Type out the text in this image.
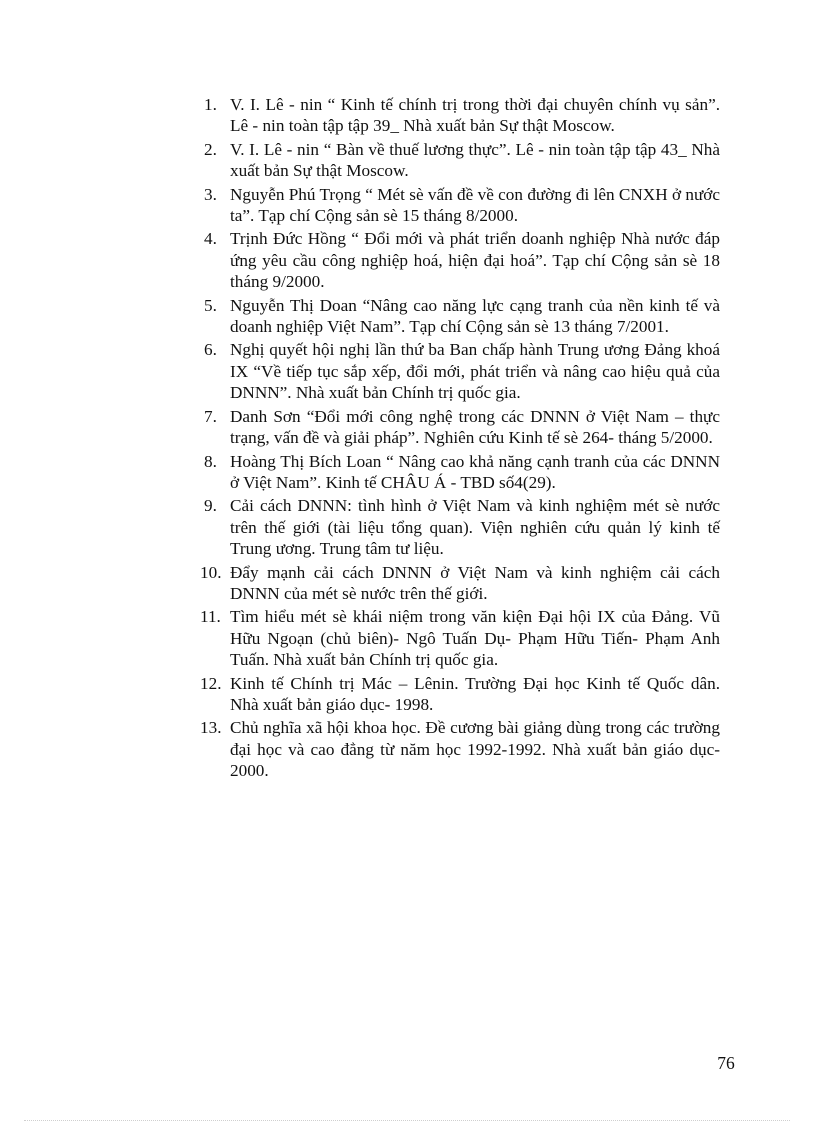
1. V. I. Lê - nin “ Kinh tế chính trị trong thời đại chuyên chính vụ sản”. Lê - nin toàn tập tập 39_ Nhà xuất bản Sự thật Moscow.
2. V. I. Lê - nin “ Bàn về thuế lương thực”. Lê - nin toàn tập tập 43_ Nhà xuất bản Sự thật Moscow.
3. Nguyễn Phú Trọng “ Mét sè vấn đề về con đường đi lên CNXH ở nước ta”. Tạp chí Cộng sản sè 15 tháng 8/2000.
4. Trịnh Đức Hồng “ Đổi mới và phát triển doanh nghiệp Nhà nước đáp ứng yêu cầu công nghiệp hoá, hiện đại hoá”. Tạp chí Cộng sản sè 18 tháng 9/2000.
5. Nguyễn Thị Doan “Nâng cao năng lực cạng tranh của nền kinh tế và doanh nghiệp Việt Nam”. Tạp chí Cộng sản sè 13 tháng 7/2001.
6. Nghị quyết hội nghị lần thứ ba Ban chấp hành Trung ương Đảng khoá IX “Về tiếp tục sắp xếp, đổi mới, phát triển và nâng cao hiệu quả của DNNN”. Nhà xuất bản Chính trị quốc gia.
7. Danh Sơn “Đổi mới công nghệ trong các DNNN ở Việt Nam – thực trạng, vấn đề và giải pháp”. Nghiên cứu Kinh tế sè 264- tháng 5/2000.
8. Hoàng Thị Bích Loan “ Nâng cao khả năng cạnh tranh của các DNNN ở Việt Nam”. Kinh tế CHÂU Á - TBD số4(29).
9. Cải cách DNNN: tình hình ở Việt Nam và kinh nghiệm mét sè nước trên thế giới (tài liệu tổng quan). Viện nghiên cứu quản lý kinh tế Trung ương. Trung tâm tư liệu.
10. Đẩy mạnh cải cách DNNN ở Việt Nam và kinh nghiệm cải cách DNNN của mét sè nước trên thế giới.
11. Tìm hiểu mét sè khái niệm trong văn kiện Đại hội IX của Đảng. Vũ Hữu Ngoạn (chủ biên)- Ngô Tuấn Dụ- Phạm Hữu Tiến- Phạm Anh Tuấn. Nhà xuất bản Chính trị quốc gia.
12. Kinh tế Chính trị Mác – Lênin. Trường Đại học Kinh tế Quốc dân. Nhà xuất bản giáo dục- 1998.
13. Chủ nghĩa xã hội khoa học. Đề cương bài giảng dùng trong các trường đại học và cao đẳng từ năm học 1992-1992. Nhà xuất bản giáo dục-2000.
76
